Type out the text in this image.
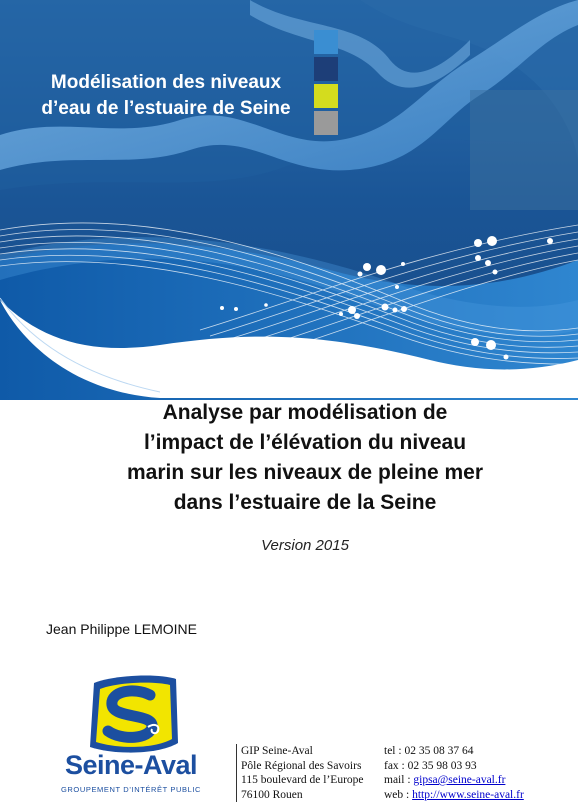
Modélisation des niveaux
d’eau de l’estuaire de Seine
Analyse par modélisation de
l’impact de l’élévation du niveau
marin sur les niveaux de pleine mer
dans l’estuaire de la Seine
Version 2015
Jean Philippe LEMOINE
Seine-Aval
GROUPEMENT D’INTÉRÊT PUBLIC
GIP Seine-Aval
Pôle Régional des Savoirs
115 boulevard de l’Europe
76100 Rouen
tel : 02 35 08 37 64
fax : 02 35 98 03 93
mail : gipsa@seine-aval.fr
web : http://www.seine-aval.fr
